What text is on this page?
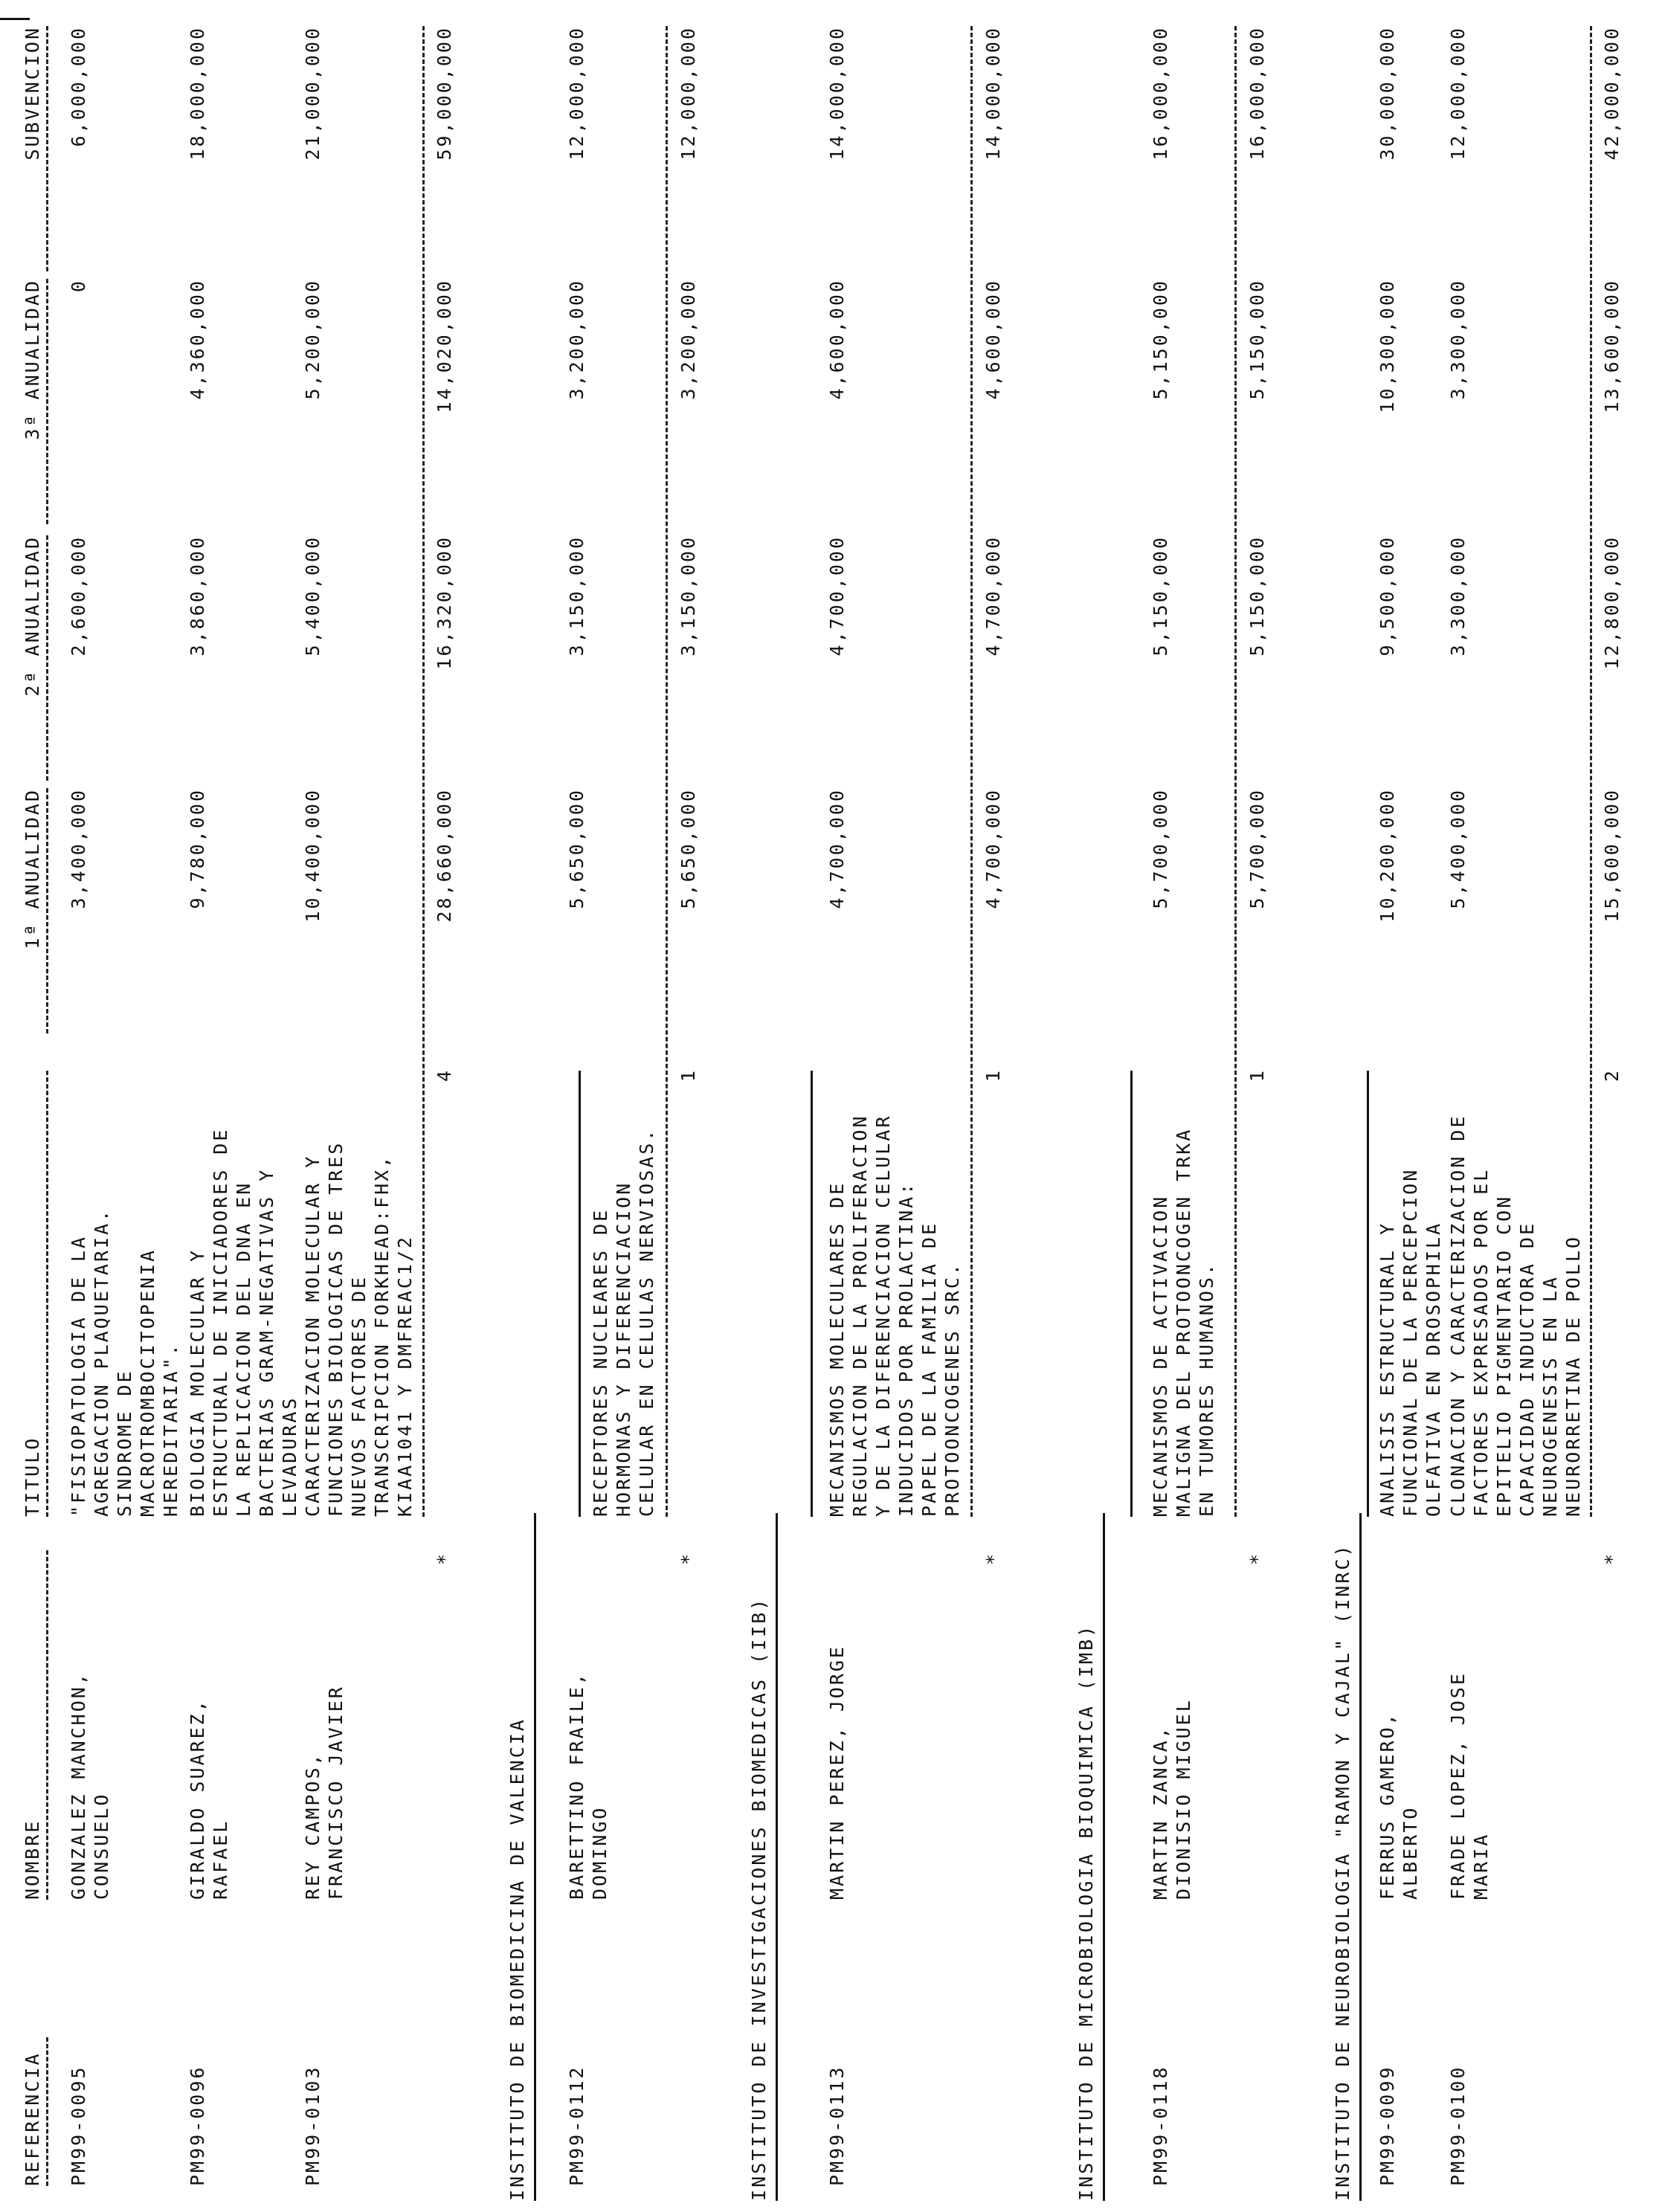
REFERENCIA
NOMBRE
TITULO
1ª ANUALIDAD
2ª ANUALIDAD
3ª ANUALIDAD
SUBVENCION
PM99-0095
GONZALEZ MANCHON, CONSUELO
"FISIOPATOLOGIA DE LA AGREGACION PLAQUETARIA. SINDROME DE MACROTROMBOCITOPENIA HEREDITARIA".
3,400,000
2,600,000
0
6,000,000
PM99-0096
GIRALDO SUAREZ, RAFAEL
BIOLOGIA MOLECULAR Y ESTRUCTURAL DE INICIADORES DE LA REPLICACION DEL DNA EN BACTERIAS GRAM-NEGATIVAS Y LEVADURAS
9,780,000
3,860,000
4,360,000
18,000,000
PM99-0103
REY CAMPOS, FRANCISCO JAVIER
CARACTERIZACION MOLECULAR Y FUNCIONES BIOLOGICAS DE TRES NUEVOS FACTORES DE TRANSCRIPCION FORKHEAD:FHX, KIAA1041 Y DMFREAC1/2
10,400,000
5,400,000
5,200,000
21,000,000
*
4
28,660,000
16,320,000
14,020,000
59,000,000
INSTITUTO DE BIOMEDICINA DE VALENCIA PM99-0112
BARETTINO FRAILE, DOMINGO
RECEPTORES NUCLEARES DE HORMONAS Y DIFERENCIACION CELULAR EN CELULAS NERVIOSAS.
5,650,000
3,150,000
3,200,000
12,000,000
*
1
5,650,000
3,150,000
3,200,000
12,000,000
INSTITUTO DE INVESTIGACIONES BIOMEDICAS (IIB)	PM99-0113
MARTIN PEREZ, JORGE
MECANISMOS MOLECULARES DE REGULACION DE LA PROLIFERACION Y DE LA DIFERENCIACION CELULAR INDUCIDOS POR PROLACTINA: PAPEL DE LA FAMILIA DE PROTOONCOGENES SRC.
4,700,000
4,700,000
4,600,000
14,000,000
*
1
4,700,000
4,700,000
4,600,000
14,000,000
INSTITUTO DE MICROBIOLOGIA BIOQUIMICA (IMB)	PM99-0118
MARTIN ZANCA, DIONISIO MIGUEL
MECANISMOS DE ACTIVACION MALIGNA DEL PROTOONCOGEN TRKA EN TUMORES HUMANOS.
5,700,000
5,150,000
5,150,000
16,000,000
*
1
5,700,000
5,150,000
5,150,000
16,000,000
INSTITUTO DE NEUROBIOLOGIA "RAMON Y CAJAL" (INRC) PM99-0099
FERRUS GAMERO, ALBERTO
ANALISIS ESTRUCTURAL Y FUNCIONAL DE LA PERCEPCION OLFATIVA EN DROSOPHILA
10,200,000
9,500,000
10,300,000
30,000,000
PM99-0100
FRADE LOPEZ, JOSE MARIA
CLONACION Y CARACTERIZACION DE FACTORES EXPRESADOS POR EL EPITELIO PIGMENTARIO CON CAPACIDAD INDUCTORA DE NEUROGENESIS EN LA NEURORRETINA DE POLLO
5,400,000
3,300,000
3,300,000
12,000,000
*
2
15,600,000
12,800,000
13,600,000
42,000,000
